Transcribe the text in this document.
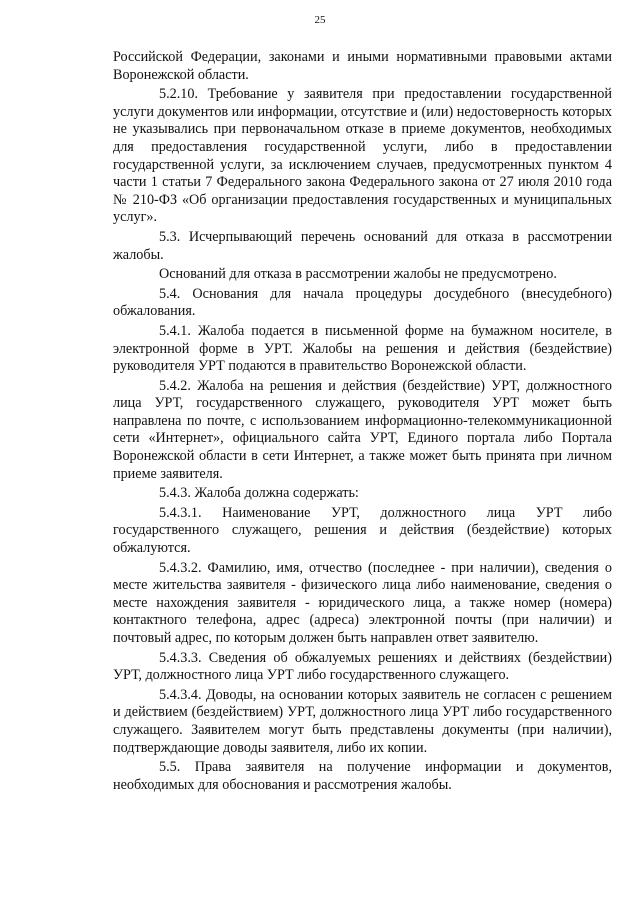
25

Российской Федерации, законами и иными нормативными правовыми актами Воронежской области.

5.2.10. Требование у заявителя при предоставлении государственной услуги документов или информации, отсутствие и (или) недостоверность которых не указывались при первоначальном отказе в приеме документов, необходимых для предоставления государственной услуги, либо в предоставлении государственной услуги, за исключением случаев, предусмотренных пунктом 4 части 1 статьи 7 Федерального закона Федерального закона от 27 июля 2010 года № 210-ФЗ «Об организации предоставления государственных и муниципальных услуг».

5.3. Исчерпывающий перечень оснований для отказа в рассмотрении жалобы.

Оснований для отказа в рассмотрении жалобы не предусмотрено.

5.4. Основания для начала процедуры досудебного (внесудебного) обжалования.

5.4.1. Жалоба подается в письменной форме на бумажном носителе, в электронной форме в УРТ. Жалобы на решения и действия (бездействие) руководителя УРТ подаются в правительство Воронежской области.

5.4.2. Жалоба на решения и действия (бездействие) УРТ, должностного лица УРТ, государственного служащего, руководителя УРТ может быть направлена по почте, с использованием информационно-телекоммуникационной сети «Интернет», официального сайта УРТ, Единого портала либо Портала Воронежской области в сети Интернет, а также может быть принята при личном приеме заявителя.

5.4.3. Жалоба должна содержать:

5.4.3.1. Наименование УРТ, должностного лица УРТ либо государственного служащего, решения и действия (бездействие) которых обжалуются.

5.4.3.2. Фамилию, имя, отчество (последнее - при наличии), сведения о месте жительства заявителя - физического лица либо наименование, сведения о месте нахождения заявителя - юридического лица, а также номер (номера) контактного телефона, адрес (адреса) электронной почты (при наличии) и почтовый адрес, по которым должен быть направлен ответ заявителю.

5.4.3.3. Сведения об обжалуемых решениях и действиях (бездействии) УРТ, должностного лица УРТ либо государственного служащего.

5.4.3.4. Доводы, на основании которых заявитель не согласен с решением и действием (бездействием) УРТ, должностного лица УРТ либо государственного служащего. Заявителем могут быть представлены документы (при наличии), подтверждающие доводы заявителя, либо их копии.

5.5. Права заявителя на получение информации и документов, необходимых для обоснования и рассмотрения жалобы.
